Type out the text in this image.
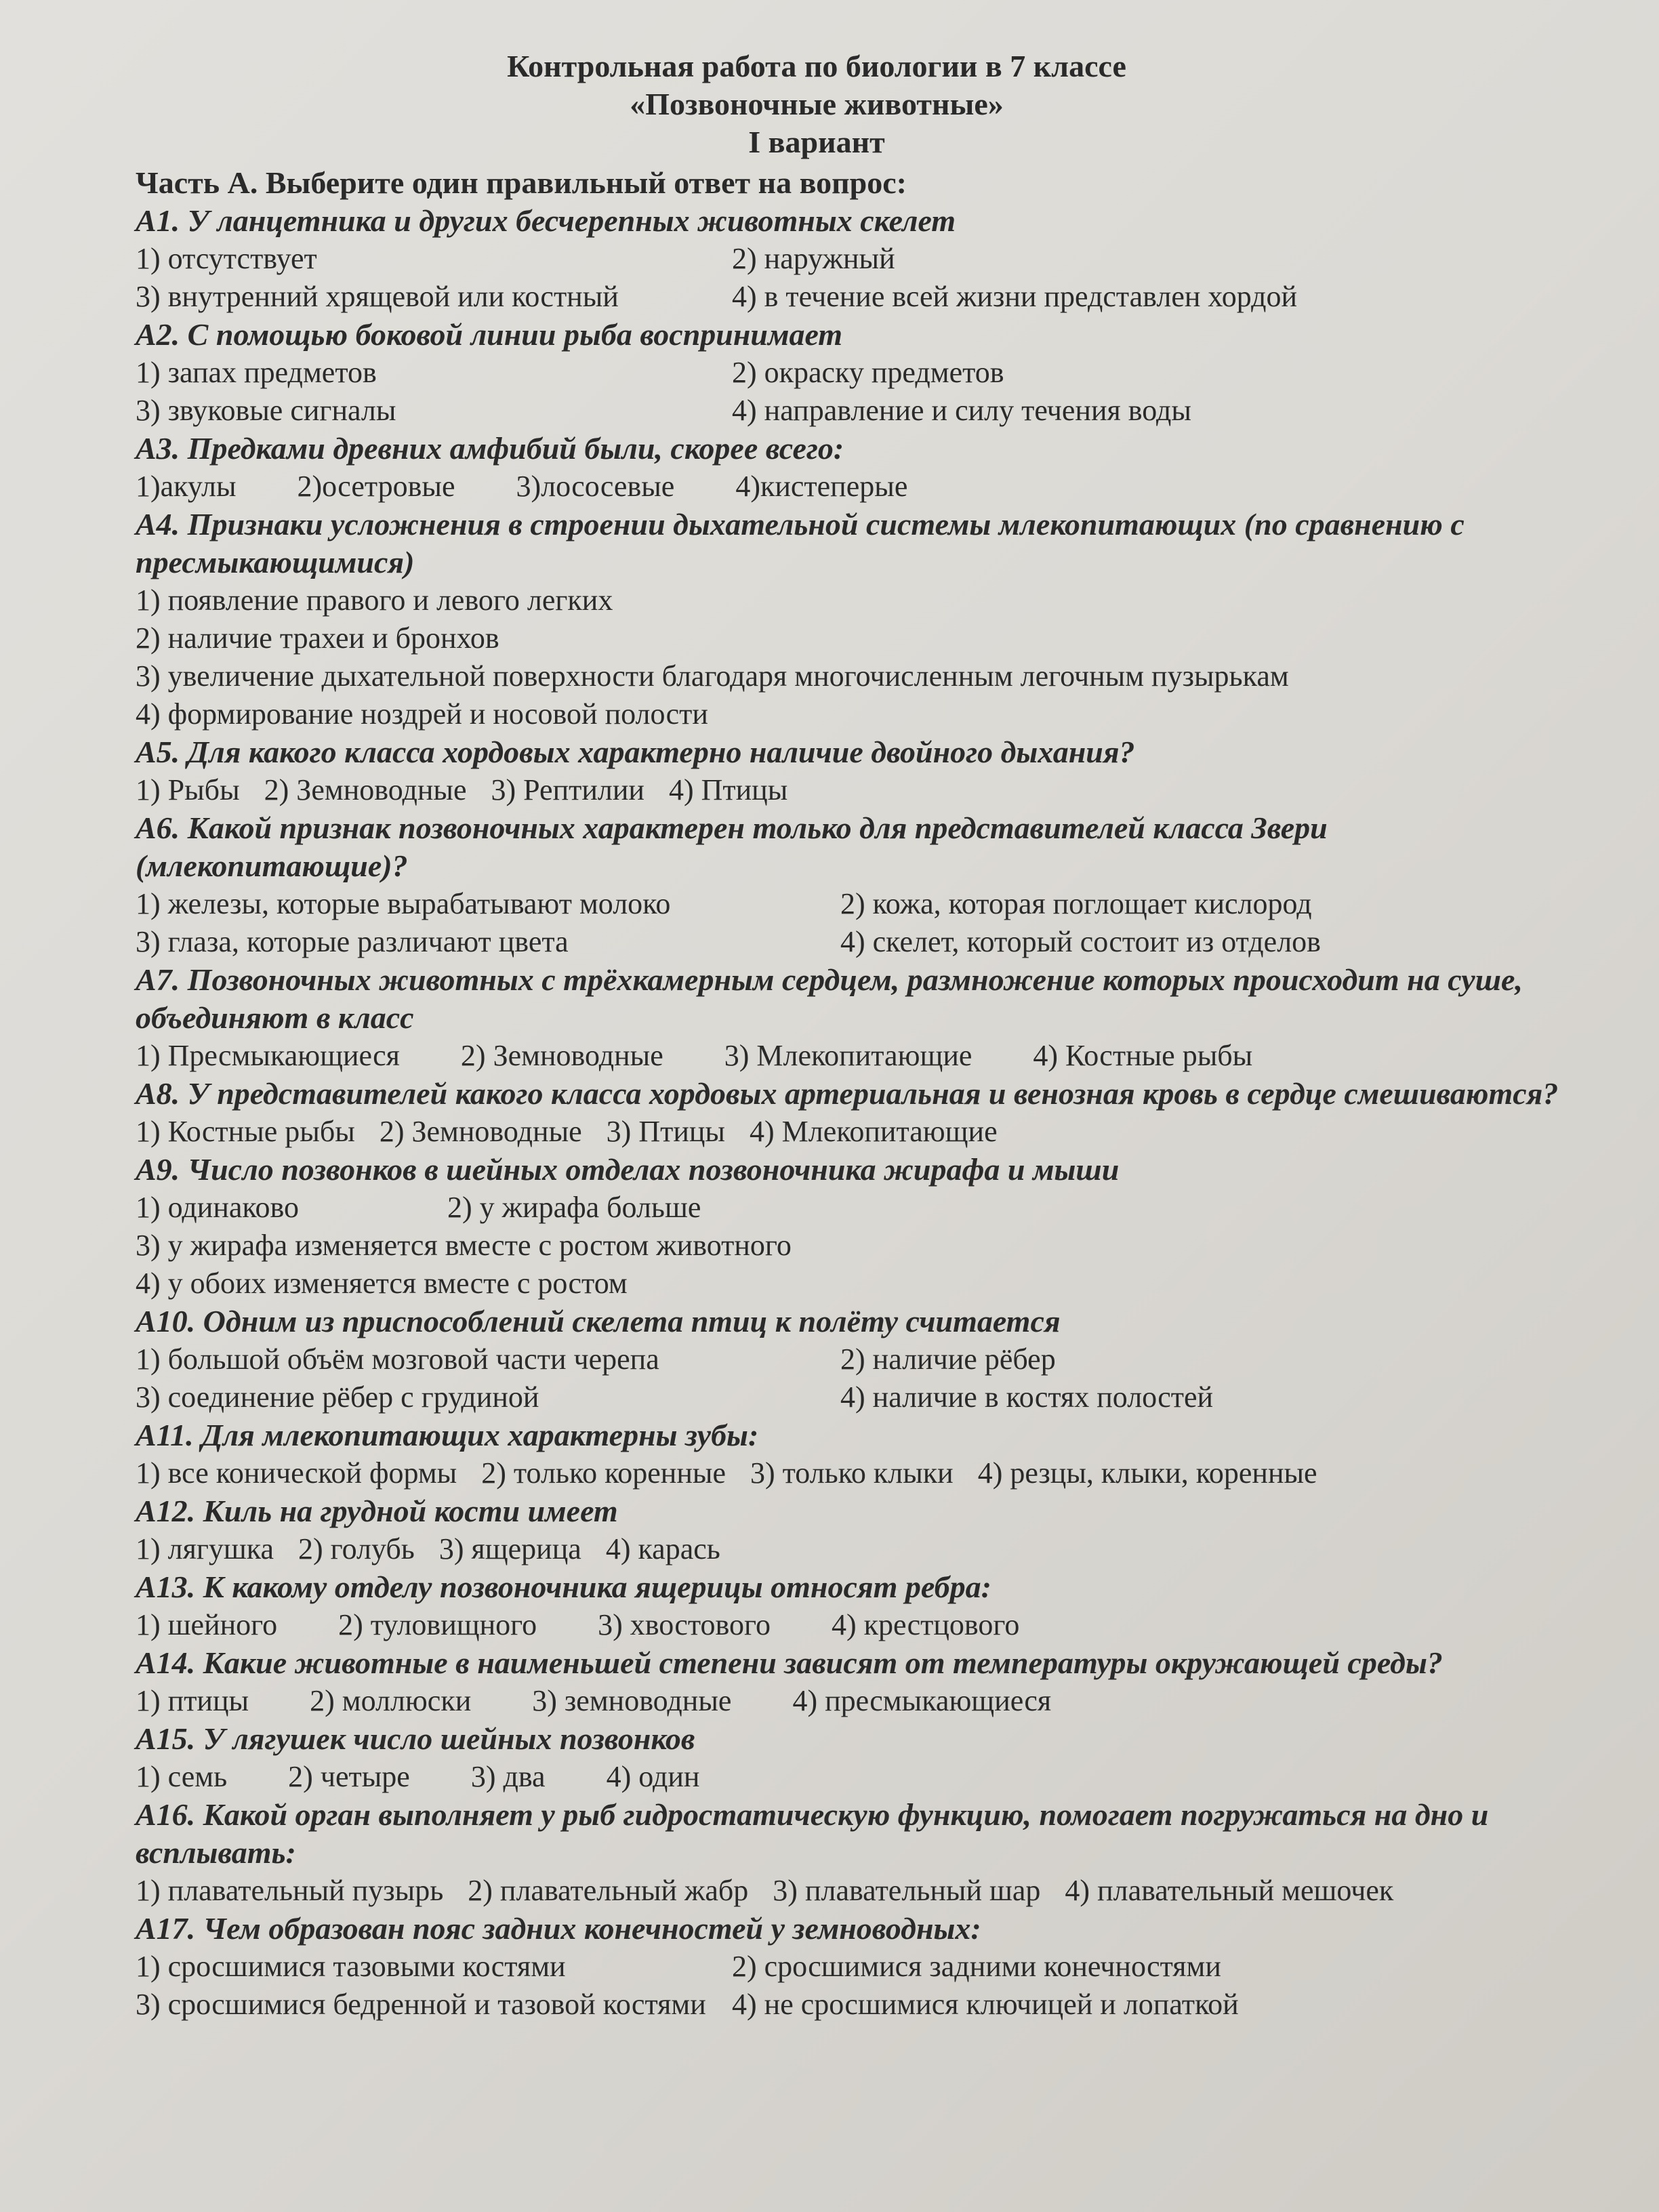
Контрольная работа по биологии в 7 классе
«Позвоночные животные»
I вариант
Часть А. Выберите один правильный ответ на вопрос:
А1. У ланцетника и других бесчерепных животных скелет
1) отсутствует	2) наружный
3) внутренний хрящевой или костный	4) в течение всей жизни представлен хордой
А2. С помощью боковой линии рыба воспринимает
1) запах предметов	2) окраску предметов
3) звуковые сигналы	4) направление и силу течения воды
А3. Предками древних амфибий были, скорее всего:
1)акулы 2)осетровые 3)лососевые 4)кистеперые
А4. Признаки усложнения в строении дыхательной системы млекопитающих (по сравнению с пресмыкающимися)
1) появление правого и левого легких
2) наличие трахеи и бронхов
3) увеличение дыхательной поверхности благодаря многочисленным легочным пузырькам
4) формирование ноздрей и носовой полости
А5. Для какого класса хордовых характерно наличие двойного дыхания?
1) Рыбы 2) Земноводные 3) Рептилии 4) Птицы
А6. Какой признак позвоночных характерен только для представителей класса Звери (млекопитающие)?
1) железы, которые вырабатывают молоко	2) кожа, которая поглощает кислород
3) глаза, которые различают цвета	4) скелет, который состоит из отделов
А7. Позвоночных животных с трёхкамерным сердцем, размножение которых происходит на суше, объединяют в класс
1) Пресмыкающиеся 2) Земноводные 3) Млекопитающие 4) Костные рыбы
А8. У представителей какого класса хордовых артериальная и венозная кровь в сердце смешиваются?
1) Костные рыбы 2) Земноводные 3) Птицы 4) Млекопитающие
А9. Число позвонков в шейных отделах позвоночника жирафа и мыши
1) одинаково	2) у жирафа больше
3) у жирафа изменяется вместе с ростом животного
4) у обоих изменяется вместе с ростом
А10. Одним из приспособлений скелета птиц к полёту считается
1) большой объём мозговой части черепа	2) наличие рёбер
3) соединение рёбер с грудиной	4) наличие в костях полостей
А11. Для млекопитающих характерны зубы:
1) все конической формы 2) только коренные 3) только клыки 4) резцы, клыки, коренные
А12. Киль на грудной кости имеет
1) лягушка 2) голубь 3) ящерица 4) карась
А13. К какому отделу позвоночника ящерицы относят ребра:
1) шейного 2) туловищного 3) хвостового 4) крестцового
А14. Какие животные в наименьшей степени зависят от температуры окружающей среды?
1) птицы 2) моллюски 3) земноводные 4) пресмыкающиеся
А15. У лягушек число шейных позвонков
1) семь 2) четыре 3) два 4) один
А16. Какой орган выполняет у рыб гидростатическую функцию, помогает погружаться на дно и всплывать:
1) плавательный пузырь 2) плавательный жабр 3) плавательный шар 4) плавательный мешочек
А17. Чем образован пояс задних конечностей у земноводных:
1) сросшимися тазовыми костями	2) сросшимися задними конечностями
3) сросшимися бедренной и тазовой костями 4) не сросшимися ключицей и лопаткой
